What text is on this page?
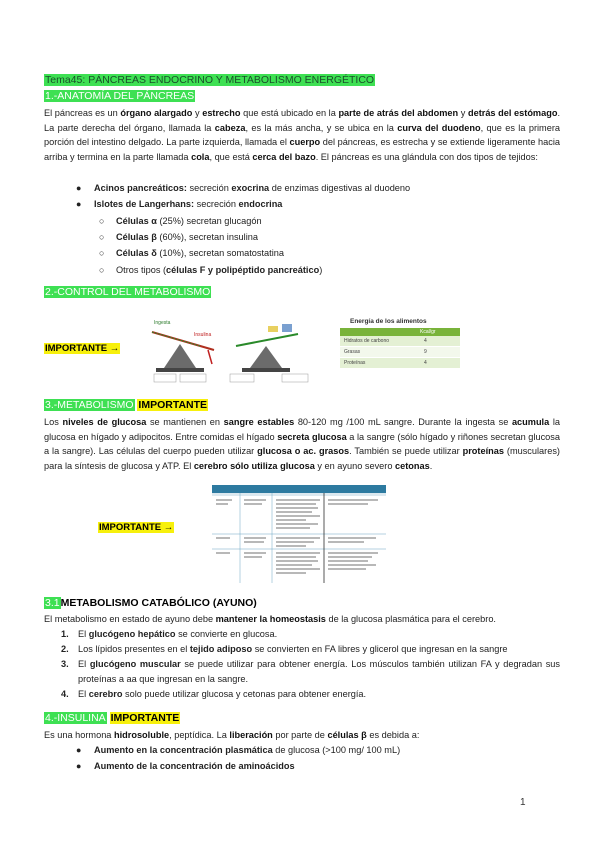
Tema45: PÁNCREAS ENDOCRINO Y METABOLISMO ENERGÉTICO
1.-ANATOMÍA DEL PÁNCREAS

El páncreas es un órgano alargado y estrecho que está ubicado en la parte de atrás del abdomen y detrás del estómago. La parte derecha del órgano, llamada la cabeza, es la más ancha, y se ubica en la curva del duodeno, que es la primera porción del intestino delgado. La parte izquierda, llamada el cuerpo del páncreas, es estrecha y se extiende ligeramente hacia arriba y termina en la parte llamada cola, que está cerca del bazo. El páncreas es una glándula con dos tipos de tejidos:

● Acinos pancreáticos: secreción exocrina de enzimas digestivas al duodeno
● Islotes de Langerhans: secreción endocrina
○ Células α (25%) secretan glucagón
○ Células β (60%), secretan insulina
○ Células δ (10%), secretan somatostatina
○ Otros tipos (células F y polipéptido pancreático)
2.-CONTROL DEL METABOLISMO
IMPORTANTE →
Ingesta
Insulina
Energía de los alimentos
Kcal/gr
Hidratos de carbono	4
Grasas	9
Proteínas	4
3.-METABOLISMO IMPORTANTE

Los niveles de glucosa se mantienen en sangre estables 80-120 mg /100 mL sangre. Durante la ingesta se acumula la glucosa en hígado y adipocitos. Entre comidas el hígado secreta glucosa a la sangre (sólo hígado y riñones secretan glucosa a la sangre). Las células del cuerpo pueden utilizar glucosa o ac. grasos. También se puede utilizar proteínas (musculares) para la síntesis de glucosa y ATP. El cerebro sólo utiliza glucosa y en ayuno severo cetonas.

IMPORTANTE →
3.1METABOLISMO CATABÓLICO (AYUNO)

El metabolismo en estado de ayuno debe mantener la homeostasis de la glucosa plasmática para el cerebro.

1. El glucógeno hepático se convierte en glucosa.
2. Los lípidos presentes en el tejido adiposo se convierten en FA libres y glicerol que ingresan en la sangre
3. El glucógeno muscular se puede utilizar para obtener energía. Los músculos también utilizan FA y degradan sus proteínas a aa que ingresan en la sangre.
4. El cerebro solo puede utilizar glucosa y cetonas para obtener energía.
4.-INSULINA IMPORTANTE

Es una hormona hidrosoluble, peptídica. La liberación por parte de células β es debida a:

● Aumento en la concentración plasmática de glucosa (>100 mg/ 100 mL)
● Aumento de la concentración de aminoácidos
1
